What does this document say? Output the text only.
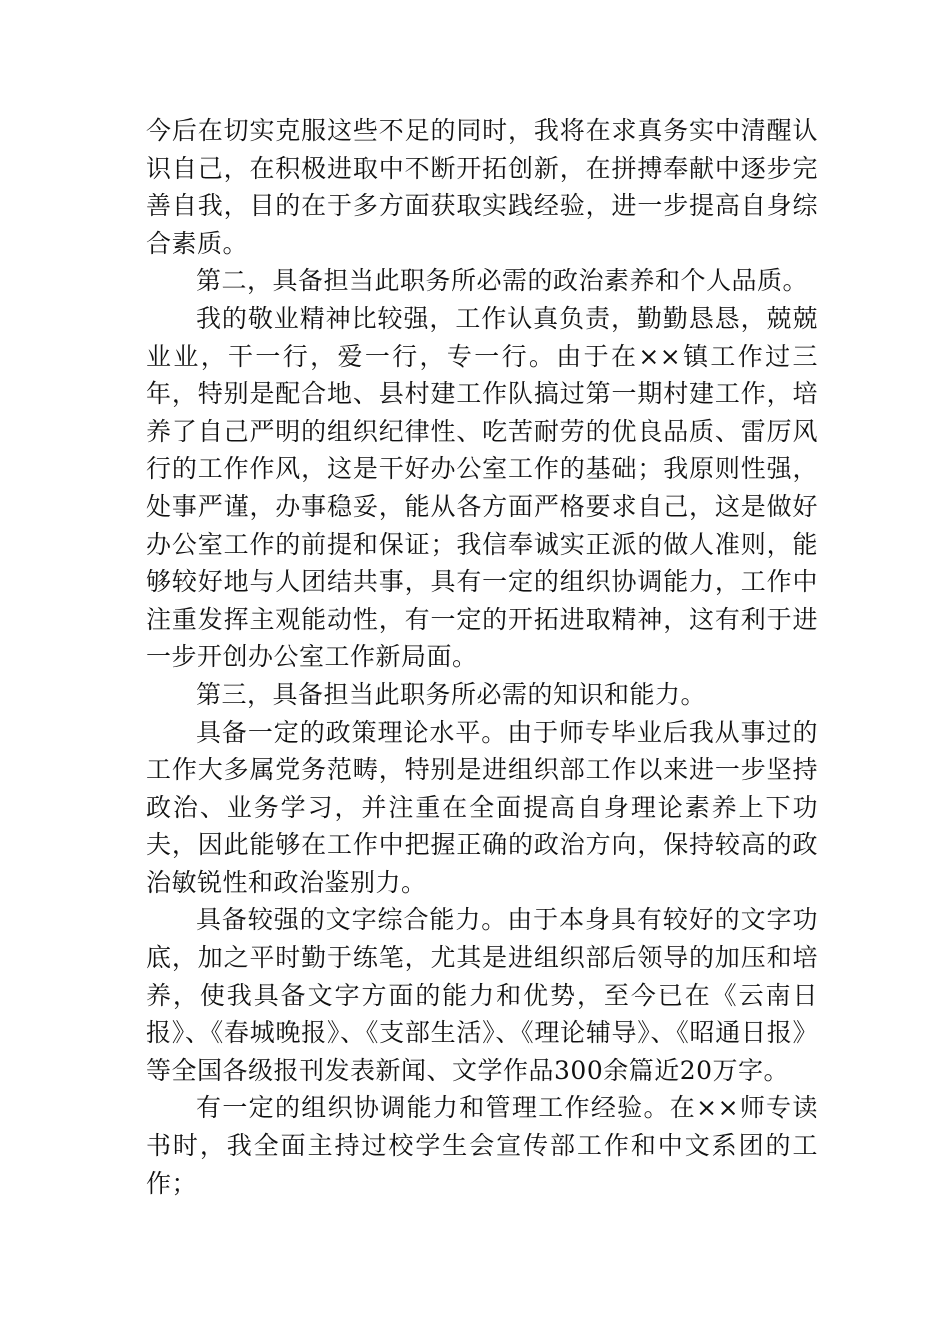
今后在切实克服这些不足的同时，我将在求真务实中清醒认识自己，在积极进取中不断开拓创新，在拼搏奉献中逐步完善自我，目的在于多方面获取实践经验，进一步提高自身综合素质。

第二，具备担当此职务所必需的政治素养和个人品质。

我的敬业精神比较强，工作认真负责，勤勤恳恳，兢兢业业，干一行，爱一行，专一行。由于在××镇工作过三年，特别是配合地、县村建工作队搞过第一期村建工作，培养了自己严明的组织纪律性、吃苦耐劳的优良品质、雷厉风行的工作作风，这是干好办公室工作的基础；我原则性强，处事严谨，办事稳妥，能从各方面严格要求自己，这是做好办公室工作的前提和保证；我信奉诚实正派的做人准则，能够较好地与人团结共事，具有一定的组织协调能力，工作中注重发挥主观能动性，有一定的开拓进取精神，这有利于进一步开创办公室工作新局面。

第三，具备担当此职务所必需的知识和能力。

具备一定的政策理论水平。由于师专毕业后我从事过的工作大多属党务范畴，特别是进组织部工作以来进一步坚持政治、业务学习，并注重在全面提高自身理论素养上下功夫，因此能够在工作中把握正确的政治方向，保持较高的政治敏锐性和政治鉴别力。

具备较强的文字综合能力。由于本身具有较好的文字功底，加之平时勤于练笔，尤其是进组织部后领导的加压和培养，使我具备文字方面的能力和优势，至今已在《云南日报》、《春城晚报》、《支部生活》、《理论辅导》、《昭通日报》等全国各级报刊发表新闻、文学作品300余篇近20万字。

有一定的组织协调能力和管理工作经验。在××师专读书时，我全面主持过校学生会宣传部工作和中文系团的工作；
